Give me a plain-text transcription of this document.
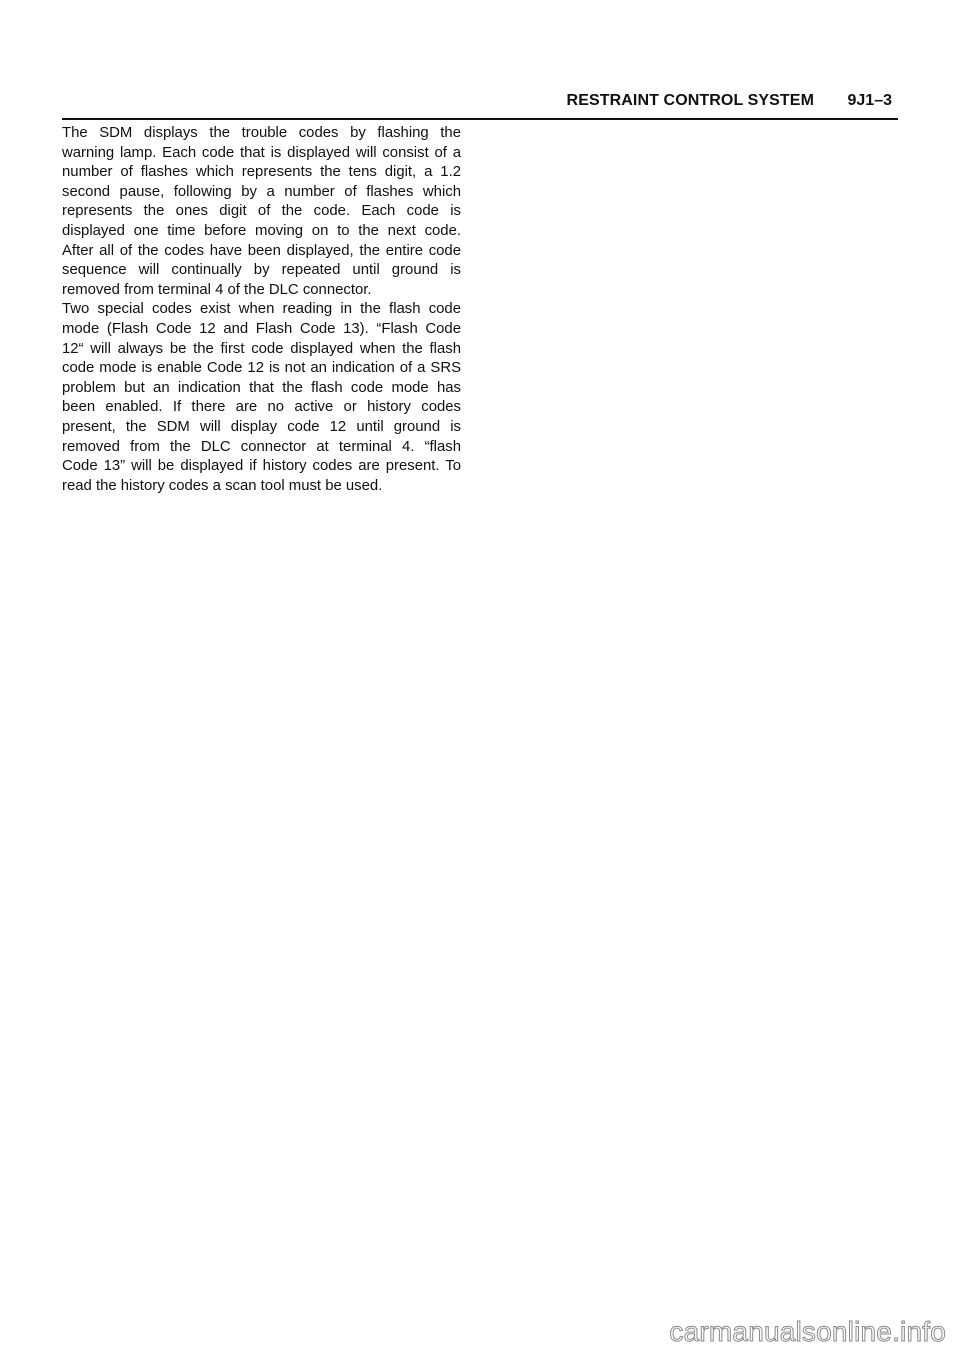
RESTRAINT CONTROL SYSTEM 9J1–3
The SDM displays the trouble codes by flashing the
warning lamp. Each code that is displayed will consist of a
number of flashes which represents the tens digit, a 1.2
second pause, following by a number of flashes which
represents the ones digit of the code. Each code is
displayed one time before moving on to the next code.
After all of the codes have been displayed, the entire code
sequence will continually by repeated until ground is
removed from terminal 4 of the DLC connector.
Two special codes exist when reading in the flash code
mode (Flash Code 12 and Flash Code 13). “Flash Code
12“ will always be the first code displayed when the flash
code mode is enable Code 12 is not an indication of a SRS
problem but an indication that the flash code mode has
been enabled. If there are no active or history codes
present, the SDM will display code 12 until ground is
removed from the DLC connector at terminal 4. “flash
Code 13” will be displayed if history codes are present. To
read the history codes a scan tool must be used.
carmanualsonline.info
